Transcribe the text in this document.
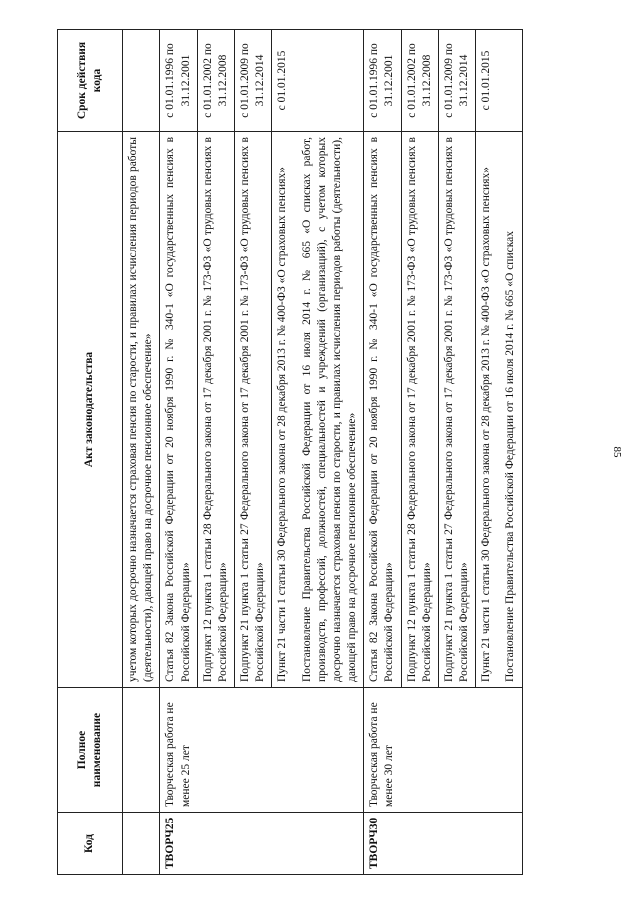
85
Код	Полное наименование	Акт законодательства	Срок действия кода
		учетом которых досрочно назначается страховая пенсия по старости, и правилах исчисления периодов работы (деятельности), дающей право на досрочное пенсионное обеспечение»	
ТВОРЧ25	Творческая работа не менее 25 лет	Статья 82 Закона Российской Федерации от 20 ноября 1990 г. № 340-1 «О государственных пенсиях в Российской Федерации»	с 01.01.1996 по 31.12.2001

		Подпункт 12 пункта 1 статьи 28 Федерального закона от 17 декабря 2001 г. № 173-ФЗ «О трудовых пенсиях в Российской Федерации»	с 01.01.2002 по 31.12.2008

		Подпункт 21 пункта 1 статьи 27 Федерального закона от 17 декабря 2001 г. № 173-ФЗ «О трудовых пенсиях в Российской Федерации»	с 01.01.2009 по 31.12.2014

		Пункт 21 части 1 статьи 30 Федерального закона от 28 декабря 2013 г. № 400-ФЗ «О страховых пенсиях» Постановление Правительства Российской Федерации от 16 июля 2014 г. № 665 «О списках работ, производств, профессий, должностей, специальностей и учреждений (организаций), с учетом которых досрочно назначается страховая пенсия по старости, и правилах исчисления периодов работы (деятельности), дающей право на досрочное пенсионное обеспечение»	с 01.01.2015
ТВОРЧ30	Творческая работа не менее 30 лет	Статья 82 Закона Российской Федерации от 20 ноября 1990 г. № 340-1 «О государственных пенсиях в Российской Федерации»	с 01.01.1996 по 31.12.2001

		Подпункт 12 пункта 1 статьи 28 Федерального закона от 17 декабря 2001 г. № 173-ФЗ «О трудовых пенсиях в Российской Федерации»	с 01.01.2002 по 31.12.2008

		Подпункт 21 пункта 1 статьи 27 Федерального закона от 17 декабря 2001 г. № 173-ФЗ «О трудовых пенсиях в Российской Федерации»	с 01.01.2009 по 31.12.2014

		Пункт 21 части 1 статьи 30 Федерального закона от 28 декабря 2013 г. № 400-ФЗ «О страховых пенсиях» Постановление Правительства Российской Федерации от 16 июля 2014 г. № 665 «О списках	с 01.01.2015
